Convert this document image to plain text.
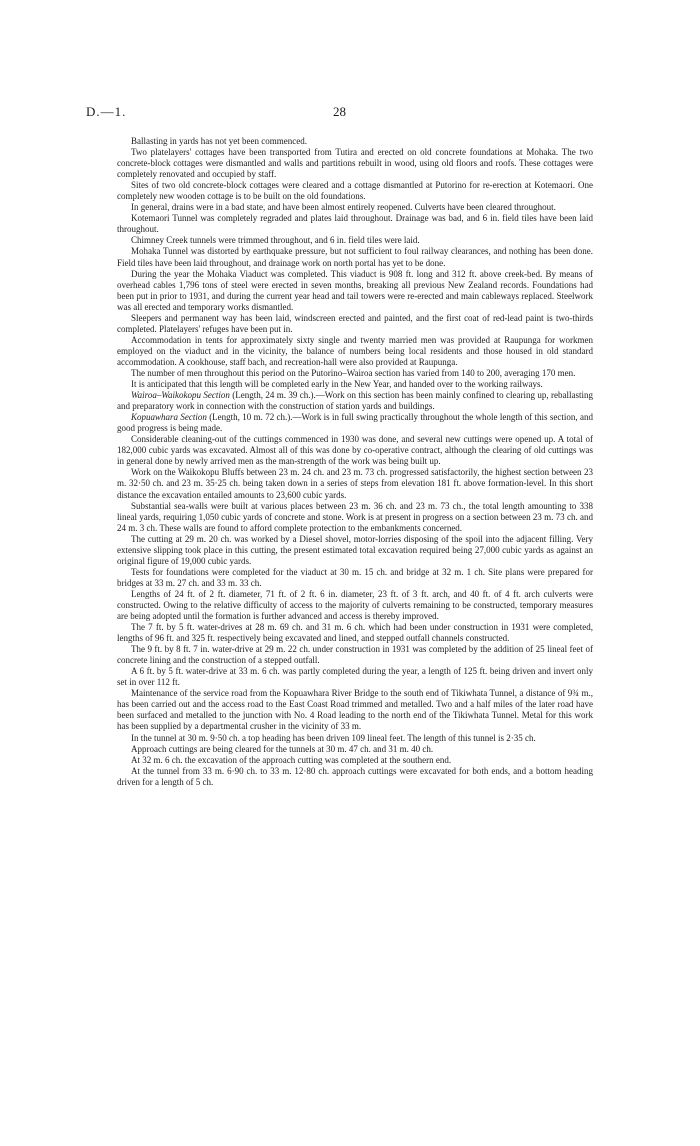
D.—1.	28

Ballasting in yards has not yet been commenced.

Two platelayers' cottages have been transported from Tutira and erected on old concrete foundations at Mohaka. The two concrete-block cottages were dismantled and walls and partitions rebuilt in wood, using old floors and roofs. These cottages were completely renovated and occupied by staff.

Sites of two old concrete-block cottages were cleared and a cottage dismantled at Putorino for re-erection at Kotemaori. One completely new wooden cottage is to be built on the old foundations.

In general, drains were in a bad state, and have been almost entirely reopened. Culverts have been cleared throughout.

Kotemaori Tunnel was completely regraded and plates laid throughout. Drainage was bad, and 6 in. field tiles have been laid throughout.

Chimney Creek tunnels were trimmed throughout, and 6 in. field tiles were laid.

Mohaka Tunnel was distorted by earthquake pressure, but not sufficient to foul railway clearances, and nothing has been done. Field tiles have been laid throughout, and drainage work on north portal has yet to be done.

During the year the Mohaka Viaduct was completed. This viaduct is 908 ft. long and 312 ft. above creek-bed. By means of overhead cables 1,796 tons of steel were erected in seven months, breaking all previous New Zealand records. Foundations had been put in prior to 1931, and during the current year head and tail towers were re-erected and main cableways replaced. Steelwork was all erected and temporary works dismantled.

Sleepers and permanent way has been laid, windscreen erected and painted, and the first coat of red-lead paint is two-thirds completed. Platelayers' refuges have been put in.

Accommodation in tents for approximately sixty single and twenty married men was provided at Raupunga for workmen employed on the viaduct and in the vicinity, the balance of numbers being local residents and those housed in old standard accommodation. A cookhouse, staff bach, and recreation-hall were also provided at Raupunga.

The number of men throughout this period on the Putorino–Wairoa section has varied from 140 to 200, averaging 170 men.

It is anticipated that this length will be completed early in the New Year, and handed over to the working railways.

Wairoa–Waikokopu Section (Length, 24 m. 39 ch.).—Work on this section has been mainly confined to clearing up, reballasting and preparatory work in connection with the construction of station yards and buildings.

Kopuawhara Section (Length, 10 m. 72 ch.).—Work is in full swing practically throughout the whole length of this section, and good progress is being made.

Considerable cleaning-out of the cuttings commenced in 1930 was done, and several new cuttings were opened up. A total of 182,000 cubic yards was excavated. Almost all of this was done by co-operative contract, although the clearing of old cuttings was in general done by newly arrived men as the man-strength of the work was being built up.

Work on the Waikokopu Bluffs between 23 m. 24 ch. and 23 m. 73 ch. progressed satisfactorily, the highest section between 23 m. 32·50 ch. and 23 m. 35·25 ch. being taken down in a series of steps from elevation 181 ft. above formation-level. In this short distance the excavation entailed amounts to 23,600 cubic yards.

Substantial sea-walls were built at various places between 23 m. 36 ch. and 23 m. 73 ch., the total length amounting to 338 lineal yards, requiring 1,050 cubic yards of concrete and stone. Work is at present in progress on a section between 23 m. 73 ch. and 24 m. 3 ch. These walls are found to afford complete protection to the embankments concerned.

The cutting at 29 m. 20 ch. was worked by a Diesel shovel, motor-lorries disposing of the spoil into the adjacent filling. Very extensive slipping took place in this cutting, the present estimated total excavation required being 27,000 cubic yards as against an original figure of 19,000 cubic yards.

Tests for foundations were completed for the viaduct at 30 m. 15 ch. and bridge at 32 m. 1 ch. Site plans were prepared for bridges at 33 m. 27 ch. and 33 m. 33 ch.

Lengths of 24 ft. of 2 ft. diameter, 71 ft. of 2 ft. 6 in. diameter, 23 ft. of 3 ft. arch, and 40 ft. of 4 ft. arch culverts were constructed. Owing to the relative difficulty of access to the majority of culverts remaining to be constructed, temporary measures are being adopted until the formation is further advanced and access is thereby improved.

The 7 ft. by 5 ft. water-drives at 28 m. 69 ch. and 31 m. 6 ch. which had been under construction in 1931 were completed, lengths of 96 ft. and 325 ft. respectively being excavated and lined, and stepped outfall channels constructed.

The 9 ft. by 8 ft. 7 in. water-drive at 29 m. 22 ch. under construction in 1931 was completed by the addition of 25 lineal feet of concrete lining and the construction of a stepped outfall.

A 6 ft. by 5 ft. water-drive at 33 m. 6 ch. was partly completed during the year, a length of 125 ft. being driven and invert only set in over 112 ft.

Maintenance of the service road from the Kopuawhara River Bridge to the south end of Tikiwhata Tunnel, a distance of 9¾ m., has been carried out and the access road to the East Coast Road trimmed and metalled. Two and a half miles of the later road have been surfaced and metalled to the junction with No. 4 Road leading to the north end of the Tikiwhata Tunnel. Metal for this work has been supplied by a departmental crusher in the vicinity of 33 m.

In the tunnel at 30 m. 9·50 ch. a top heading has been driven 109 lineal feet. The length of this tunnel is 2·35 ch.

Approach cuttings are being cleared for the tunnels at 30 m. 47 ch. and 31 m. 40 ch.

At 32 m. 6 ch. the excavation of the approach cutting was completed at the southern end.

At the tunnel from 33 m. 6·90 ch. to 33 m. 12·80 ch. approach cuttings were excavated for both ends, and a bottom heading driven for a length of 5 ch.
